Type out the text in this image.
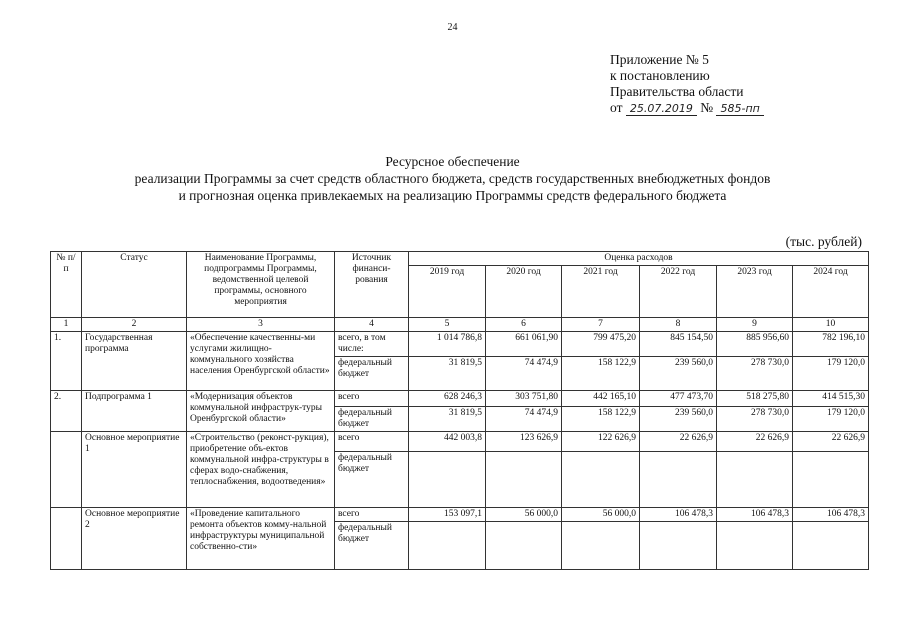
24
Приложение № 5
к постановлению
Правительства области
от 25.07.2019 № 585-пп
Ресурсное обеспечение
реализации Программы за счет средств областного бюджета, средств государственных внебюджетных фондов
и прогнозная оценка привлекаемых на реализацию Программы средств федерального бюджета
(тыс. рублей)
№ п/п	Статус	Наименование Программы, подпрограммы Программы, ведомственной целевой программы, основного мероприятия	Источник финанси-рования	Оценка расходов					
				2019 год	2020 год	2021 год	2022 год	2023 год	2024 год
1	2	3	4	5	6	7	8	9	10
1.	Государственная программа	«Обеспечение качественны-ми услугами жилищно-коммунального хозяйства населения Оренбургской области»	всего, в том числе:	1 014 786,8	661 061,90	799 475,20	845 154,50	885 956,60	782 196,10
			федеральный бюджет	31 819,5	74 474,9	158 122,9	239 560,0	278 730,0	179 120,0
2.	Подпрограмма 1	«Модернизация объектов коммунальной инфраструк-туры Оренбургской области»	всего	628 246,3	303 751,80	442 165,10	477 473,70	518 275,80	414 515,30
			федеральный бюджет	31 819,5	74 474,9	158 122,9	239 560,0	278 730,0	179 120,0
	Основное мероприятие 1	«Строительство (реконст-рукция), приобретение объ-ектов коммунальной инфра-структуры в сферах водо-снабжения, теплоснабжения, водоотведения»	всего	442 003,8	123 626,9	122 626,9	22 626,9	22 626,9	22 626,9
			федеральный бюджет						
	Основное мероприятие 2	«Проведение капитального ремонта объектов комму-нальной инфраструктуры муниципальной собственно-сти»	всего	153 097,1	56 000,0	56 000,0	106 478,3	106 478,3	106 478,3
			федеральный бюджет						
